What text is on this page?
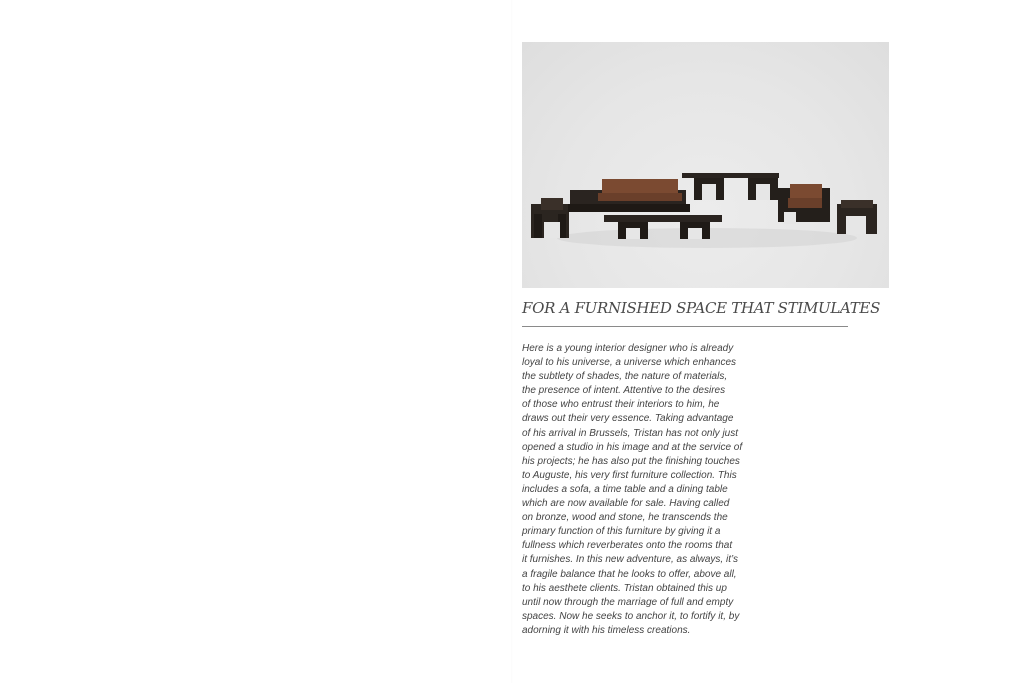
FOR A FURNISHED SPACE THAT STIMULATES

Here is a young interior designer who is already
loyal to his universe, a universe which enhances
the subtlety of shades, the nature of materials,
the presence of intent. Attentive to the desires
of those who entrust their interiors to him, he
draws out their very essence. Taking advantage
of his arrival in Brussels, Tristan has not only just
opened a studio in his image and at the service of
his projects; he has also put the finishing touches
to Auguste, his very first furniture collection. This
includes a sofa, a time table and a dining table
which are now available for sale. Having called
on bronze, wood and stone, he transcends the
primary function of this furniture by giving it a
fullness which reverberates onto the rooms that
it furnishes. In this new adventure, as always, it’s
a fragile balance that he looks to offer, above all,
to his aesthete clients. Tristan obtained this up
until now through the marriage of full and empty
spaces. Now he seeks to anchor it, to fortify it, by
adorning it with his timeless creations.
